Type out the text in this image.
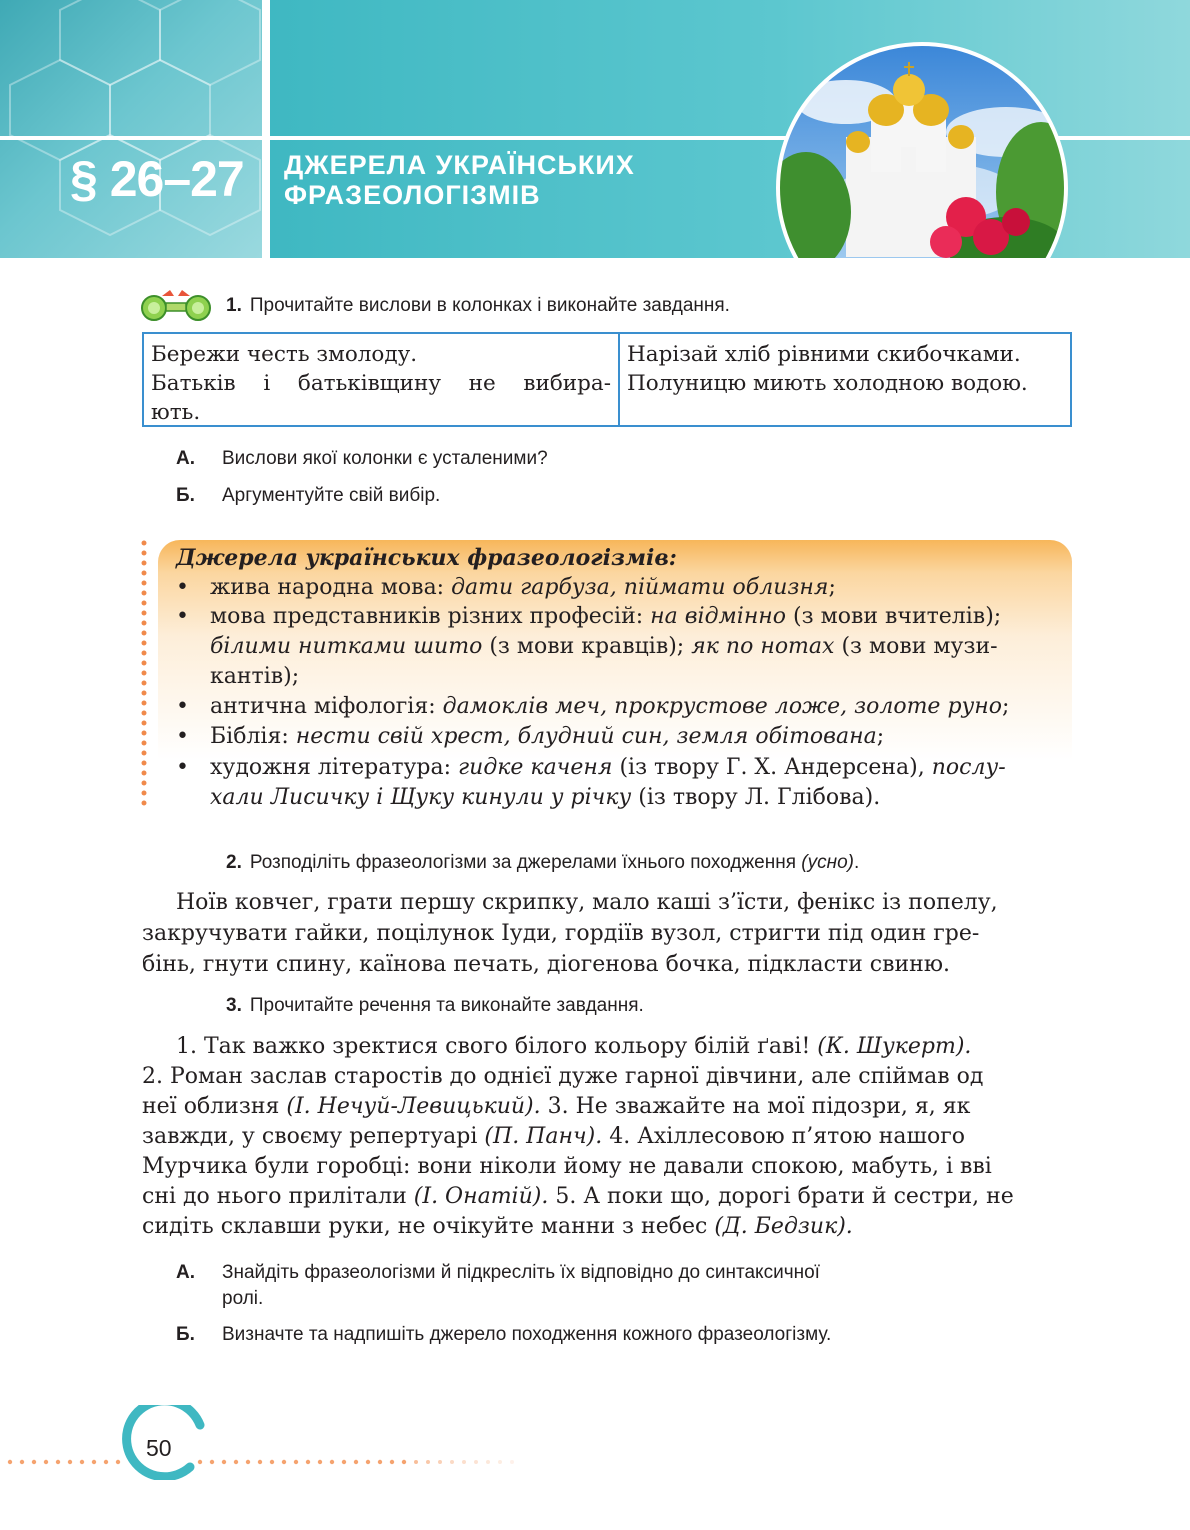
§ 26–27 ДЖЕРЕЛА УКРАЇНСЬКИХ
ФРАЗЕОЛОГІЗМІВ
1. Прочитайте вислови в колонках і виконайте завдання.
Бережи честь змолоду.
Батьків і батьківщину не вибира-
ють.
Нарізай хліб рівними скибочками.
Полуницю миють холодною водою.
А. Вислови якої колонки є усталеними?
Б. Аргументуйте свій вибір.
Джерела українських фразеологізмів:
• жива народна мова: дати гарбуза, піймати облизня;
• мова представників різних професій: на відмінно (з мови вчителів);
білими нитками шито (з мови кравців); як по нотах (з мови музи-
кантів);
• антична міфологія: дамоклів меч, прокрустове ложе, золоте руно;
• Біблія: нести свій хрест, блудний син, земля обітована;
• художня література: гидке каченя (із твору Г. Х. Андерсена), послу-
хали Лисичку і Щуку кинули у річку (із твору Л. Глібова).
2. Розподіліть фразеологізми за джерелами їхнього походження (усно).
Ноїв ковчег, грати першу скрипку, мало каші з’їсти, фенікс із попелу,
закручувати гайки, поцілунок Іуди, гордіїв вузол, стригти під один гре-
бінь, гнути спину, каїнова печать, діогенова бочка, підкласти свиню.
3. Прочитайте речення та виконайте завдання.
1. Так важко зректися свого білого кольору білій ґаві! (К. Шукерт).
2. Роман заслав старостів до однієї дуже гарної дівчини, але спіймав од
неї облизня (І. Нечуй-Левицький). 3. Не зважайте на мої підозри, я, як
завжди, у своєму репертуарі (П. Панч). 4. Ахіллесовою п’ятою нашого
Мурчика були горобці: вони ніколи йому не давали спокою, мабуть, і вві
сні до нього прилітали (І. Онатій). 5. А поки що, дорогі брати й сестри, не
сидіть склавши руки, не очікуйте манни з небес (Д. Бедзик).
А. Знайдіть фразеологізми й підкресліть їх відповідно до синтаксичної
ролі.
Б. Визначте та надпишіть джерело походження кожного фразеологізму.
50
